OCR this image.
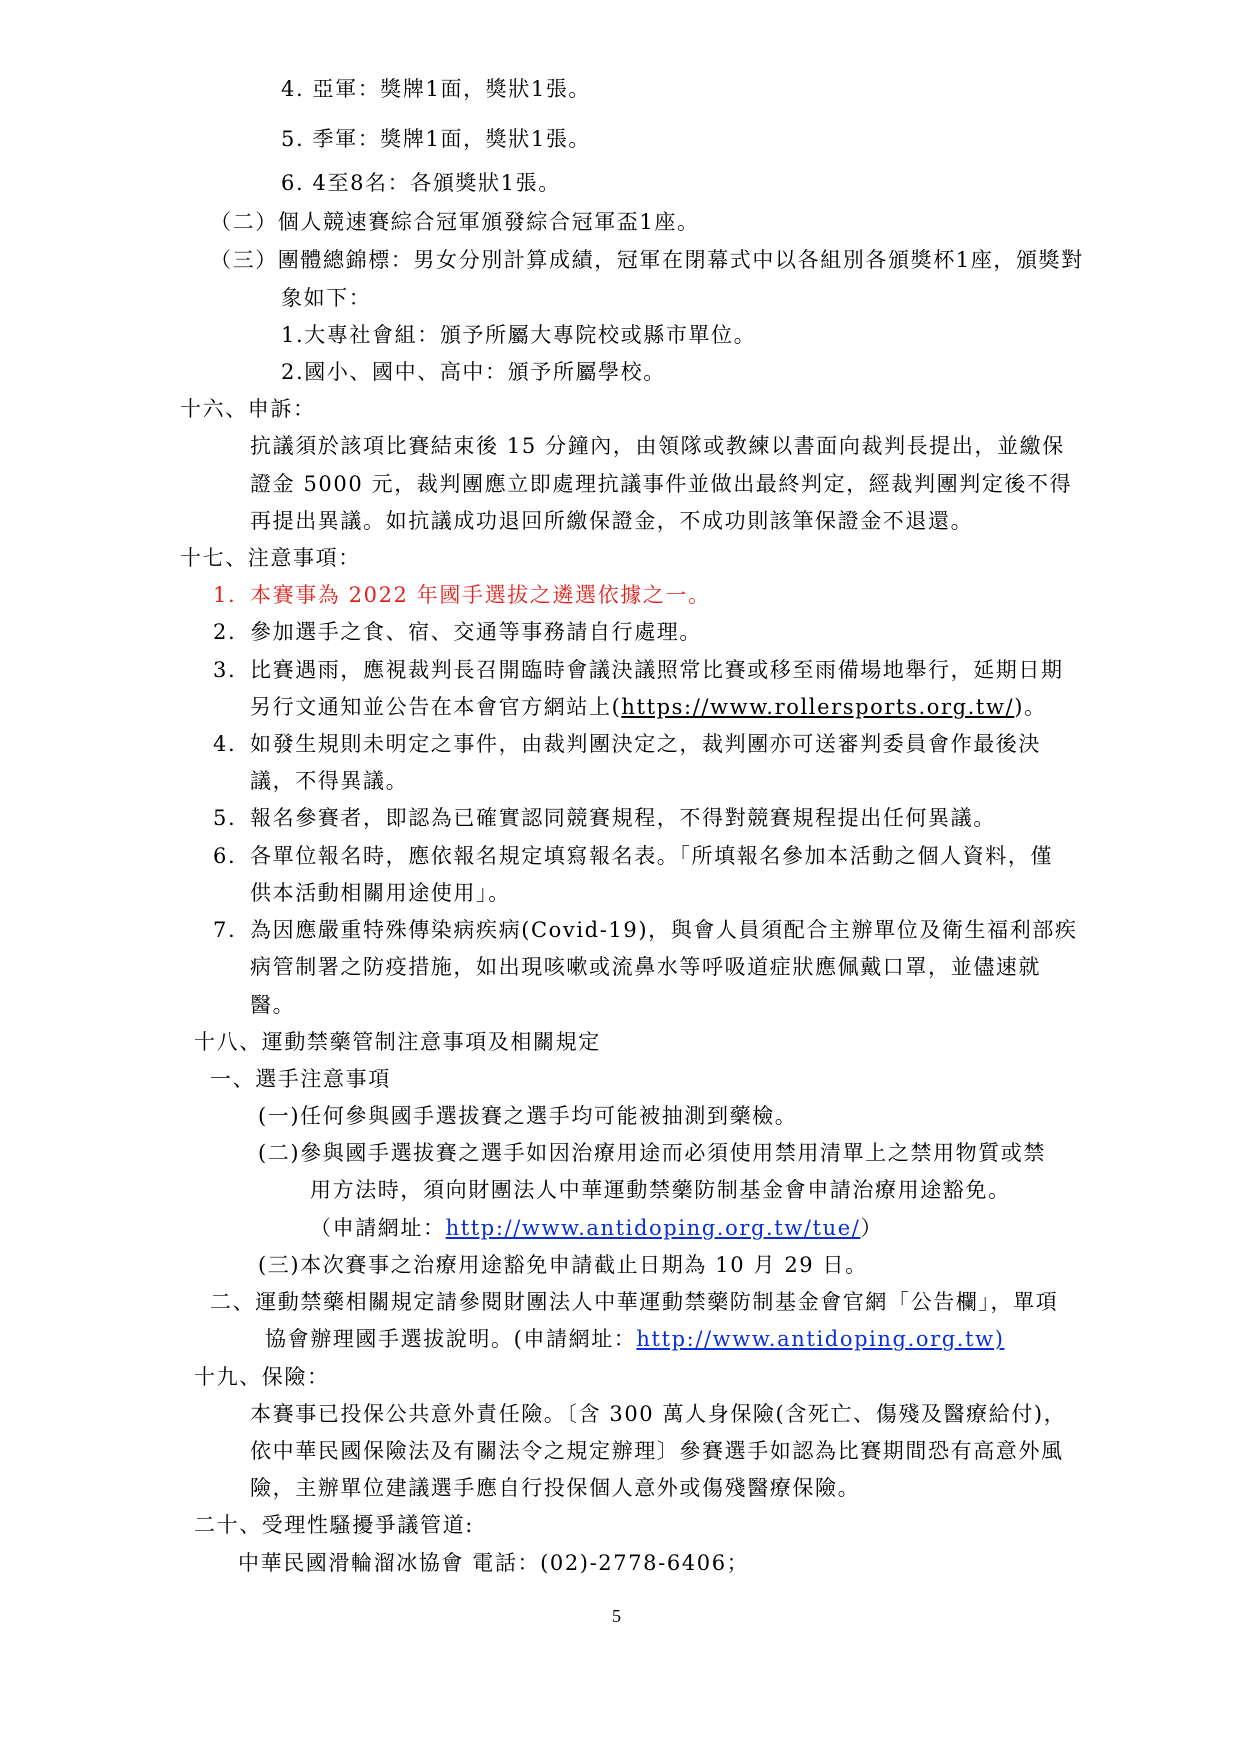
4. 亞軍：獎牌1面，獎狀1張。
5. 季軍：獎牌1面，獎狀1張。
6. 4至8名：各頒獎狀1張。
（二）個人競速賽綜合冠軍頒發綜合冠軍盃1座。
（三）團體總錦標：男女分別計算成績，冠軍在閉幕式中以各組別各頒獎杯1座，頒獎對
象如下：
1.大專社會組：頒予所屬大專院校或縣市單位。
2.國小、國中、高中：頒予所屬學校。
十六、申訴：
抗議須於該項比賽結束後 15 分鐘內，由領隊或教練以書面向裁判長提出，並繳保
證金 5000 元，裁判團應立即處理抗議事件並做出最終判定，經裁判團判定後不得
再提出異議。如抗議成功退回所繳保證金，不成功則該筆保證金不退還。
十七、注意事項：
1. 本賽事為 2022 年國手選拔之遴選依據之一。
2. 參加選手之食、宿、交通等事務請自行處理。
3. 比賽遇雨，應視裁判長召開臨時會議決議照常比賽或移至雨備場地舉行，延期日期
另行文通知並公告在本會官方網站上(https://www.rollersports.org.tw/)。
4. 如發生規則未明定之事件，由裁判團決定之，裁判團亦可送審判委員會作最後決
議，不得異議。
5. 報名參賽者，即認為已確實認同競賽規程，不得對競賽規程提出任何異議。
6. 各單位報名時，應依報名規定填寫報名表。「所填報名參加本活動之個人資料，僅
供本活動相關用途使用」。
7. 為因應嚴重特殊傳染病疾病(Covid-19)，與會人員須配合主辦單位及衛生福利部疾
病管制署之防疫措施，如出現咳嗽或流鼻水等呼吸道症狀應佩戴口罩，並儘速就
醫。
十八、運動禁藥管制注意事項及相關規定
一、選手注意事項
(一)任何參與國手選拔賽之選手均可能被抽測到藥檢。
(二)參與國手選拔賽之選手如因治療用途而必須使用禁用清單上之禁用物質或禁
用方法時，須向財團法人中華運動禁藥防制基金會申請治療用途豁免。
（申請網址：http://www.antidoping.org.tw/tue/）
(三)本次賽事之治療用途豁免申請截止日期為 10 月 29 日。
二、運動禁藥相關規定請參閱財團法人中華運動禁藥防制基金會官網「公告欄」，單項
協會辦理國手選拔說明。(申請網址：http://www.antidoping.org.tw)
十九、保險：
本賽事已投保公共意外責任險。〔含 300 萬人身保險(含死亡、傷殘及醫療給付)，
依中華民國保險法及有關法令之規定辦理〕參賽選手如認為比賽期間恐有高意外風
險，主辦單位建議選手應自行投保個人意外或傷殘醫療保險。
二十、受理性騷擾爭議管道:
中華民國滑輪溜冰協會 電話：(02)-2778-6406；
5
